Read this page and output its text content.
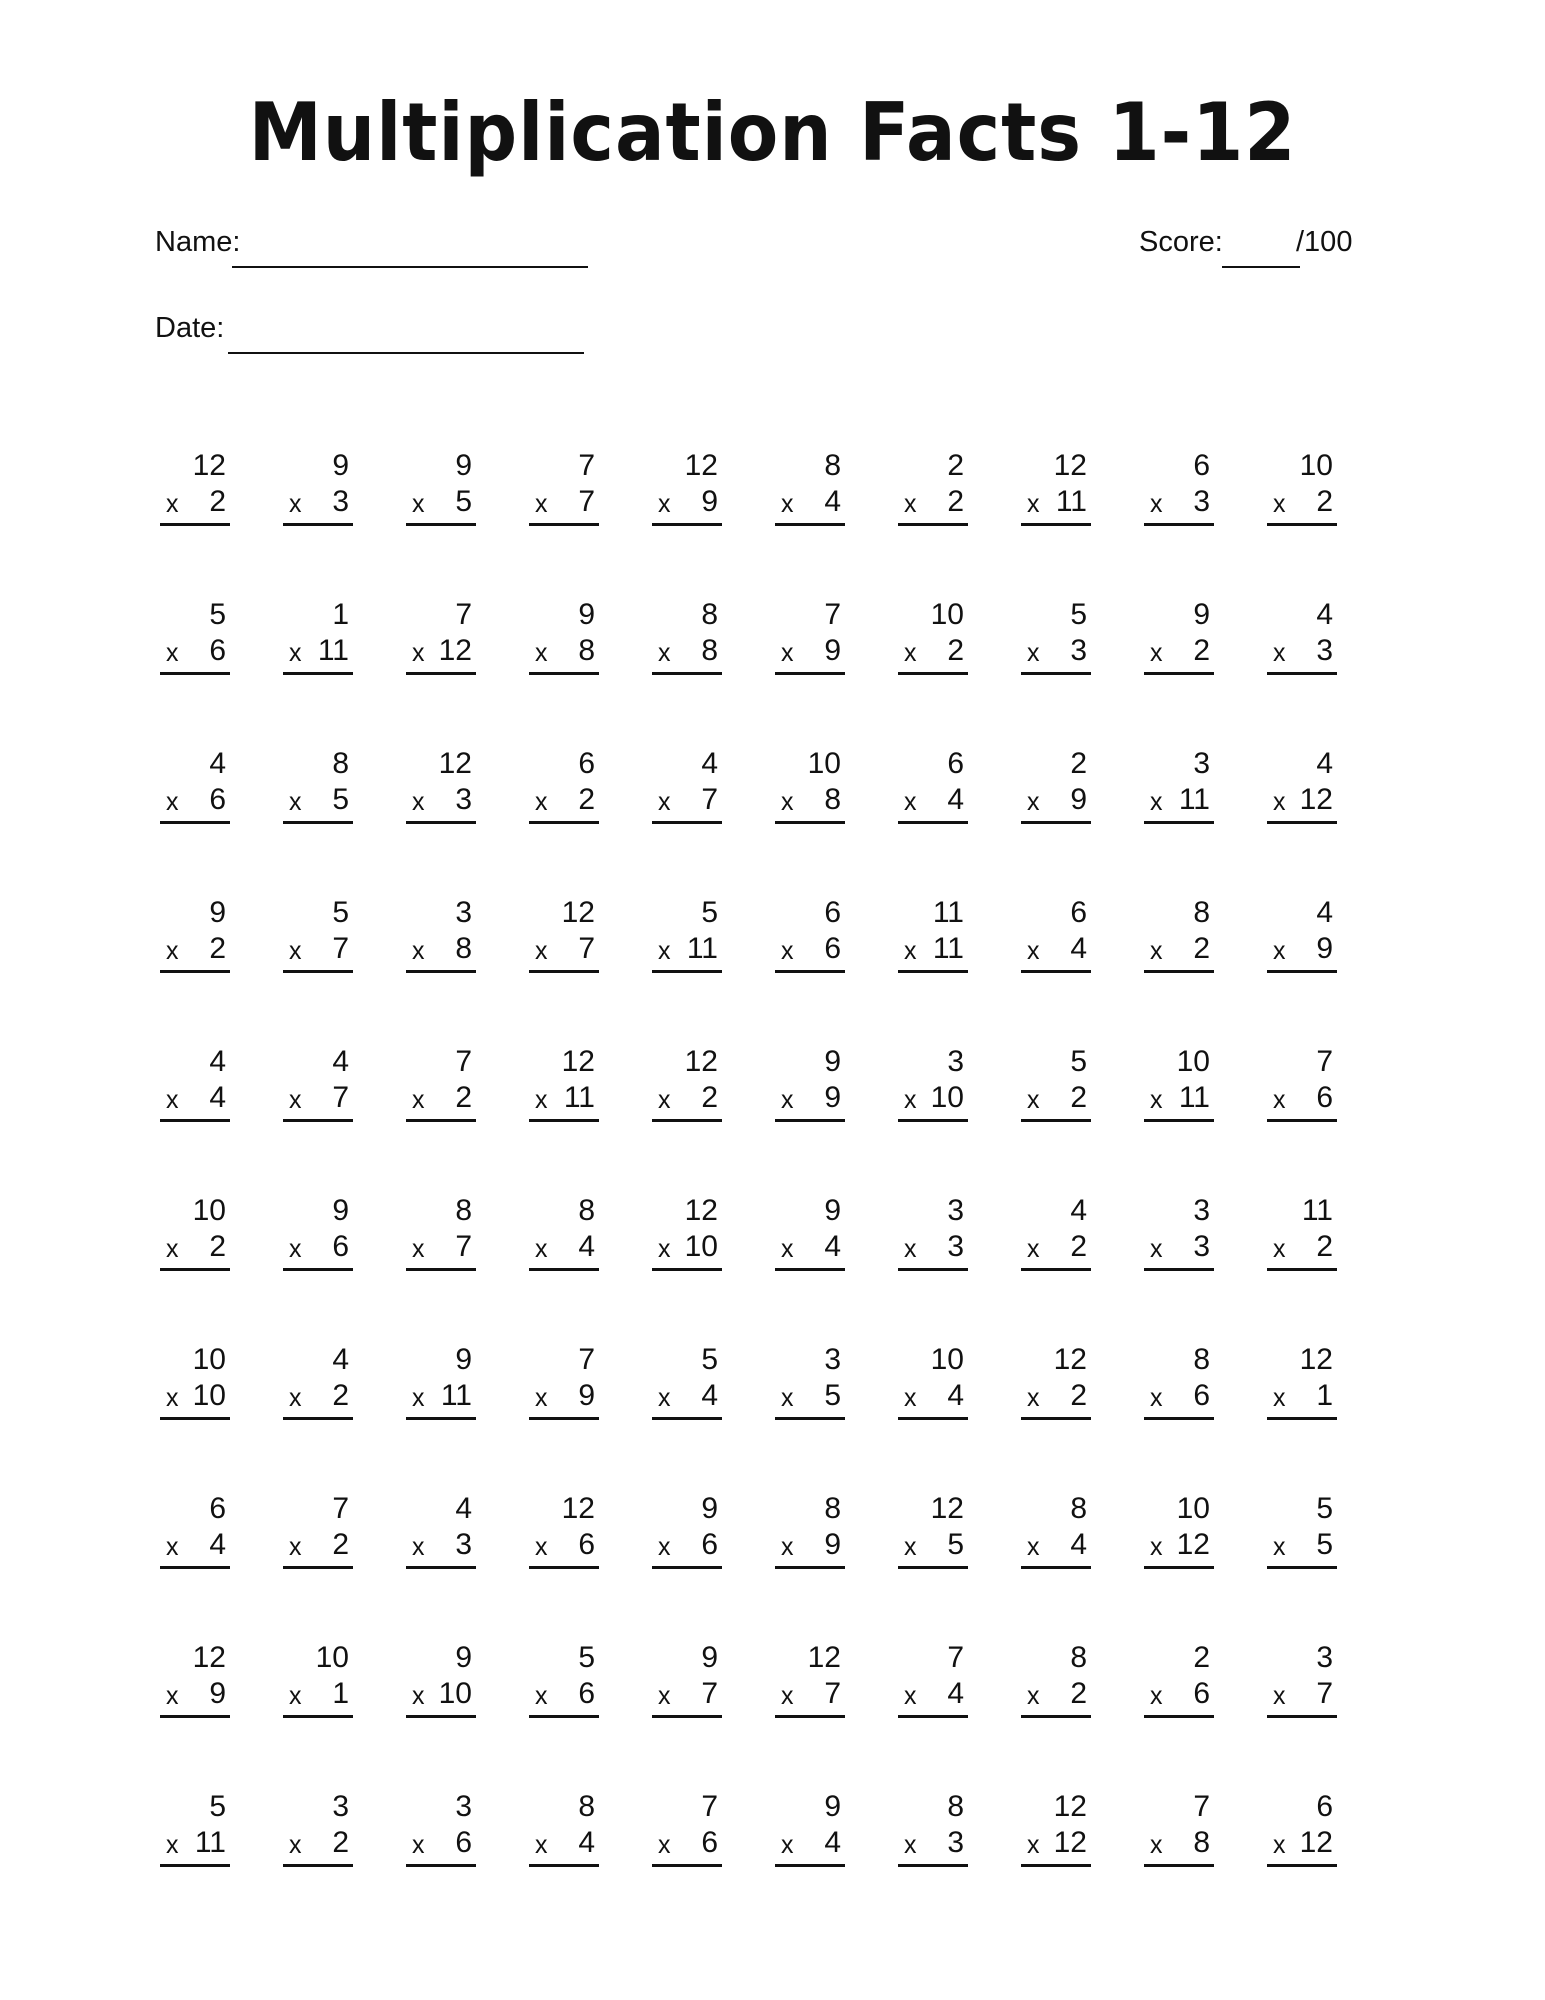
Multiplication Facts 1-12
Name:
Date:
Score:	/100
12
x 2
9
x 3
9
x 5
7
x 7
12
x 9
8
x 4
2
x 2
12
x 11
6
x 3
10
x 2
5
x 6
1
x 11
7
x 12
9
x 8
8
x 8
7
x 9
10
x 2
5
x 3
9
x 2
4
x 3
4
x 6
8
x 5
12
x 3
6
x 2
4
x 7
10
x 8
6
x 4
2
x 9
3
x 11
4
x 12
9
x 2
5
x 7
3
x 8
12
x 7
5
x 11
6
x 6
11
x 11
6
x 4
8
x 2
4
x 9
4
x 4
4
x 7
7
x 2
12
x 11
12
x 2
9
x 9
3
x 10
5
x 2
10
x 11
7
x 6
10
x 2
9
x 6
8
x 7
8
x 4
12
x 10
9
x 4
3
x 3
4
x 2
3
x 3
11
x 2
10
x 10
4
x 2
9
x 11
7
x 9
5
x 4
3
x 5
10
x 4
12
x 2
8
x 6
12
x 1
6
x 4
7
x 2
4
x 3
12
x 6
9
x 6
8
x 9
12
x 5
8
x 4
10
x 12
5
x 5
12
x 9
10
x 1
9
x 10
5
x 6
9
x 7
12
x 7
7
x 4
8
x 2
2
x 6
3
x 7
5
x 11
3
x 2
3
x 6
8
x 4
7
x 6
9
x 4
8
x 3
12
x 12
7
x 8
6
x 12
